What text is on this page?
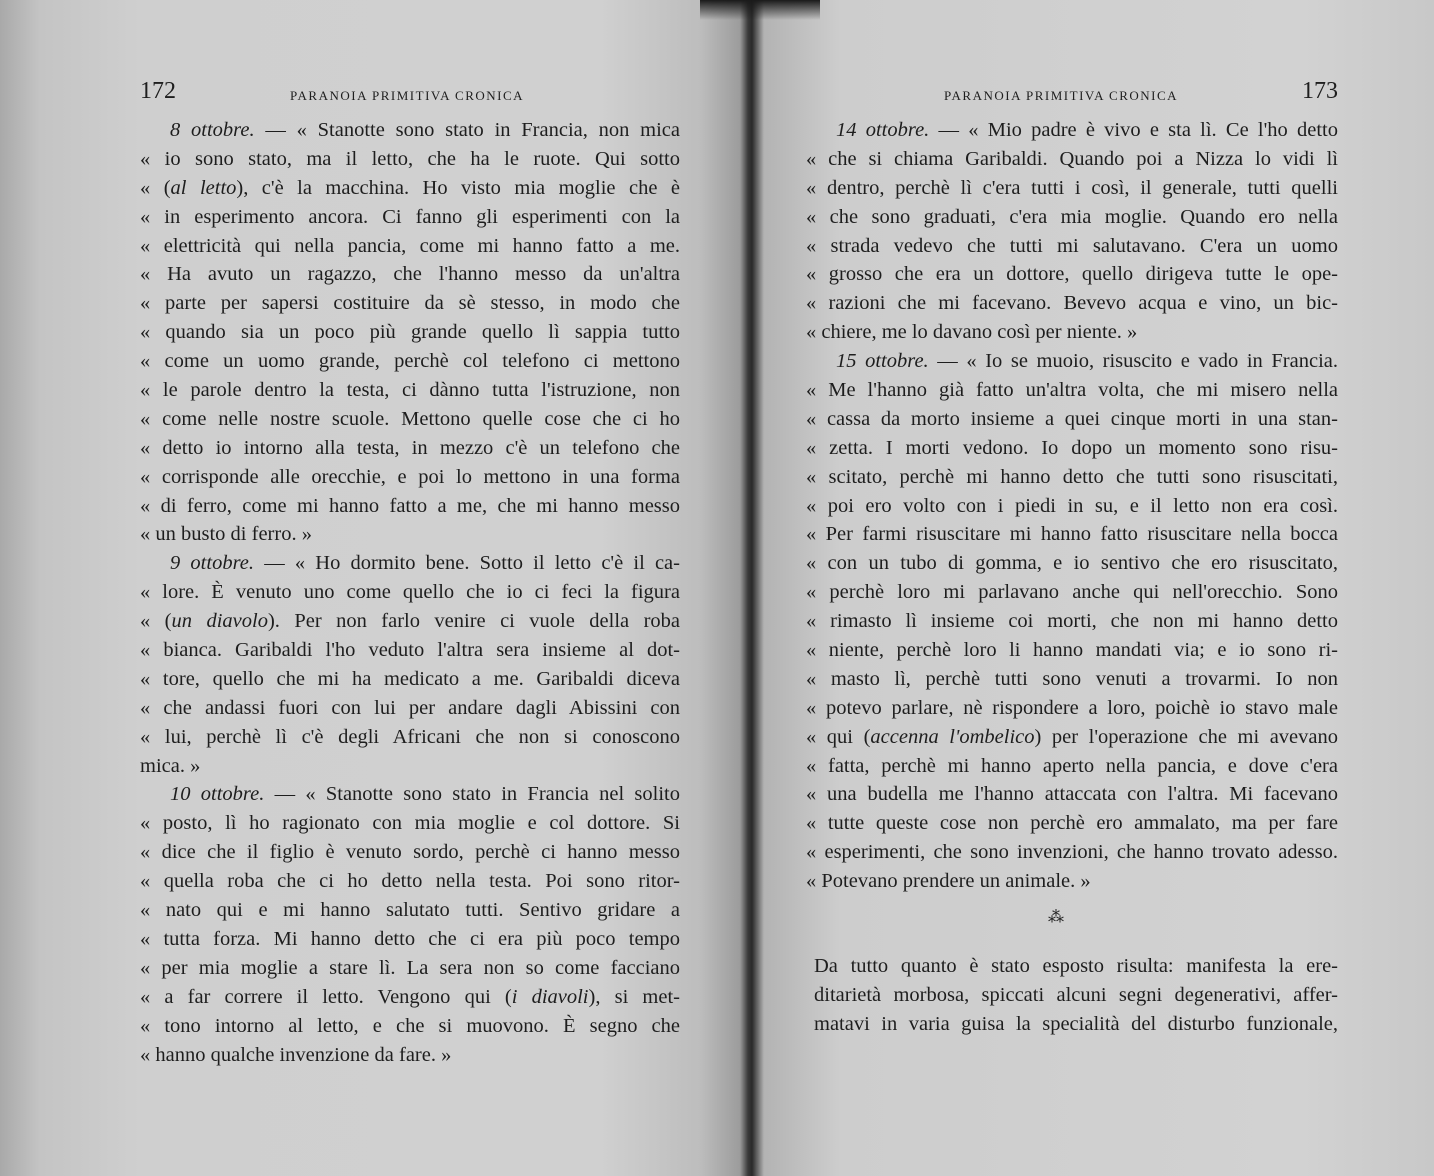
172	PARANOIA PRIMITIVA CRONICA
8 ottobre. — « Stanotte sono stato in Francia, non mica
« io sono stato, ma il letto, che ha le ruote. Qui sotto
« (al letto), c'è la macchina. Ho visto mia moglie che è
« in esperimento ancora. Ci fanno gli esperimenti con la
« elettricità qui nella pancia, come mi hanno fatto a me.
« Ha avuto un ragazzo, che l'hanno messo da un'altra
« parte per sapersi costituire da sè stesso, in modo che
« quando sia un poco più grande quello lì sappia tutto
« come un uomo grande, perchè col telefono ci mettono
« le parole dentro la testa, ci dànno tutta l'istruzione, non
« come nelle nostre scuole. Mettono quelle cose che ci ho
« detto io intorno alla testa, in mezzo c'è un telefono che
« corrisponde alle orecchie, e poi lo mettono in una forma
« di ferro, come mi hanno fatto a me, che mi hanno messo
« un busto di ferro. »
9 ottobre. — « Ho dormito bene. Sotto il letto c'è il ca-
« lore. È venuto uno come quello che io ci feci la figura
« (un diavolo). Per non farlo venire ci vuole della roba
« bianca. Garibaldi l'ho veduto l'altra sera insieme al dot-
« tore, quello che mi ha medicato a me. Garibaldi diceva
« che andassi fuori con lui per andare dagli Abissini con
« lui, perchè lì c'è degli Africani che non si conoscono
mica. »
10 ottobre. — « Stanotte sono stato in Francia nel solito
« posto, lì ho ragionato con mia moglie e col dottore. Si
« dice che il figlio è venuto sordo, perchè ci hanno messo
« quella roba che ci ho detto nella testa. Poi sono ritor-
« nato qui e mi hanno salutato tutti. Sentivo gridare a
« tutta forza. Mi hanno detto che ci era più poco tempo
« per mia moglie a stare lì. La sera non so come facciano
« a far correre il letto. Vengono qui (i diavoli), si met-
« tono intorno al letto, e che si muovono. È segno che
« hanno qualche invenzione da fare. »
PARANOIA PRIMITIVA CRONICA	173
14 ottobre. — « Mio padre è vivo e sta lì. Ce l'ho detto
« che si chiama Garibaldi. Quando poi a Nizza lo vidi lì
« dentro, perchè lì c'era tutti i così, il generale, tutti quelli
« che sono graduati, c'era mia moglie. Quando ero nella
« strada vedevo che tutti mi salutavano. C'era un uomo
« grosso che era un dottore, quello dirigeva tutte le ope-
« razioni che mi facevano. Bevevo acqua e vino, un bic-
« chiere, me lo davano così per niente. »
15 ottobre. — « Io se muoio, risuscito e vado in Francia.
« Me l'hanno già fatto un'altra volta, che mi misero nella
« cassa da morto insieme a quei cinque morti in una stan-
« zetta. I morti vedono. Io dopo un momento sono risu-
« scitato, perchè mi hanno detto che tutti sono risuscitati,
« poi ero volto con i piedi in su, e il letto non era così.
« Per farmi risuscitare mi hanno fatto risuscitare nella bocca
« con un tubo di gomma, e io sentivo che ero risuscitato,
« perchè loro mi parlavano anche qui nell'orecchio. Sono
« rimasto lì insieme coi morti, che non mi hanno detto
« niente, perchè loro li hanno mandati via; e io sono ri-
« masto lì, perchè tutti sono venuti a trovarmi. Io non
« potevo parlare, nè rispondere a loro, poichè io stavo male
« qui (accenna l'ombelico) per l'operazione che mi avevano
« fatta, perchè mi hanno aperto nella pancia, e dove c'era
« una budella me l'hanno attaccata con l'altra. Mi facevano
« tutte queste cose non perchè ero ammalato, ma per fare
« esperimenti, che sono invenzioni, che hanno trovato adesso.
« Potevano prendere un animale. »
⁂
Da tutto quanto è stato esposto risulta: manifesta la ere-
ditarietà morbosa, spiccati alcuni segni degenerativi, affer-
matavi in varia guisa la specialità del disturbo funzionale,
